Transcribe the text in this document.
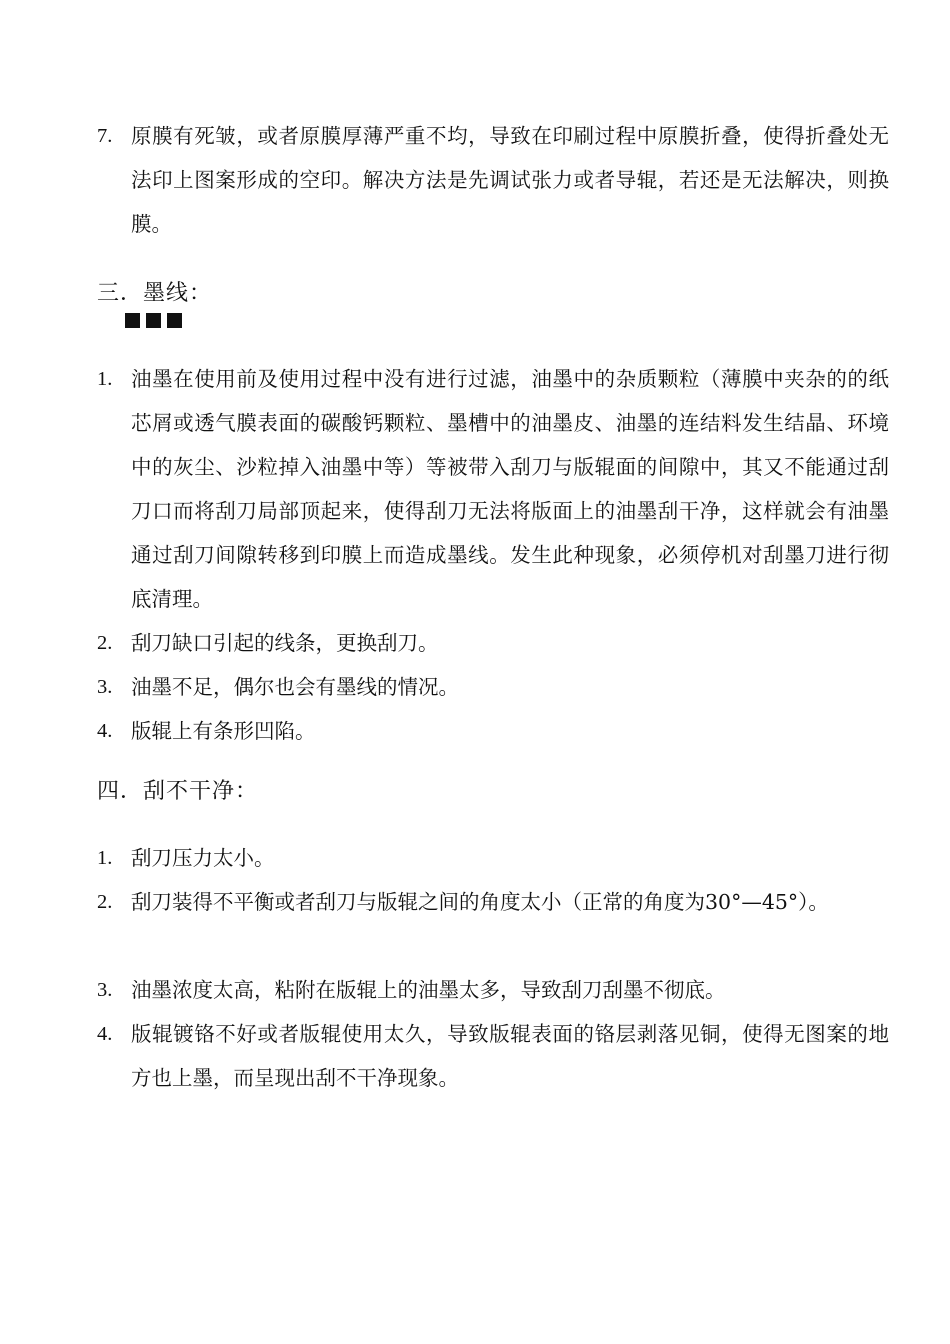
7. 原膜有死皱，或者原膜厚薄严重不均，导致在印刷过程中原膜折叠，使得折叠处无法印上图案形成的空印。解决方法是先调试张力或者导辊，若还是无法解决，则换膜。
三．墨线：
1. 油墨在使用前及使用过程中没有进行过滤，油墨中的杂质颗粒（薄膜中夹杂的的纸芯屑或透气膜表面的碳酸钙颗粒、墨槽中的油墨皮、油墨的连结料发生结晶、环境中的灰尘、沙粒掉入油墨中等）等被带入刮刀与版辊面的间隙中，其又不能通过刮刀口而将刮刀局部顶起来，使得刮刀无法将版面上的油墨刮干净，这样就会有油墨通过刮刀间隙转移到印膜上而造成墨线。发生此种现象，必须停机对刮墨刀进行彻底清理。
2. 刮刀缺口引起的线条，更换刮刀。
3. 油墨不足，偶尔也会有墨线的情况。
4. 版辊上有条形凹陷。
四．刮不干净：
1. 刮刀压力太小。
2. 刮刀装得不平衡或者刮刀与版辊之间的角度太小（正常的角度为30°—45°）。
3. 油墨浓度太高，粘附在版辊上的油墨太多，导致刮刀刮墨不彻底。
4. 版辊镀铬不好或者版辊使用太久，导致版辊表面的铬层剥落见铜，使得无图案的地方也上墨，而呈现出刮不干净现象。
